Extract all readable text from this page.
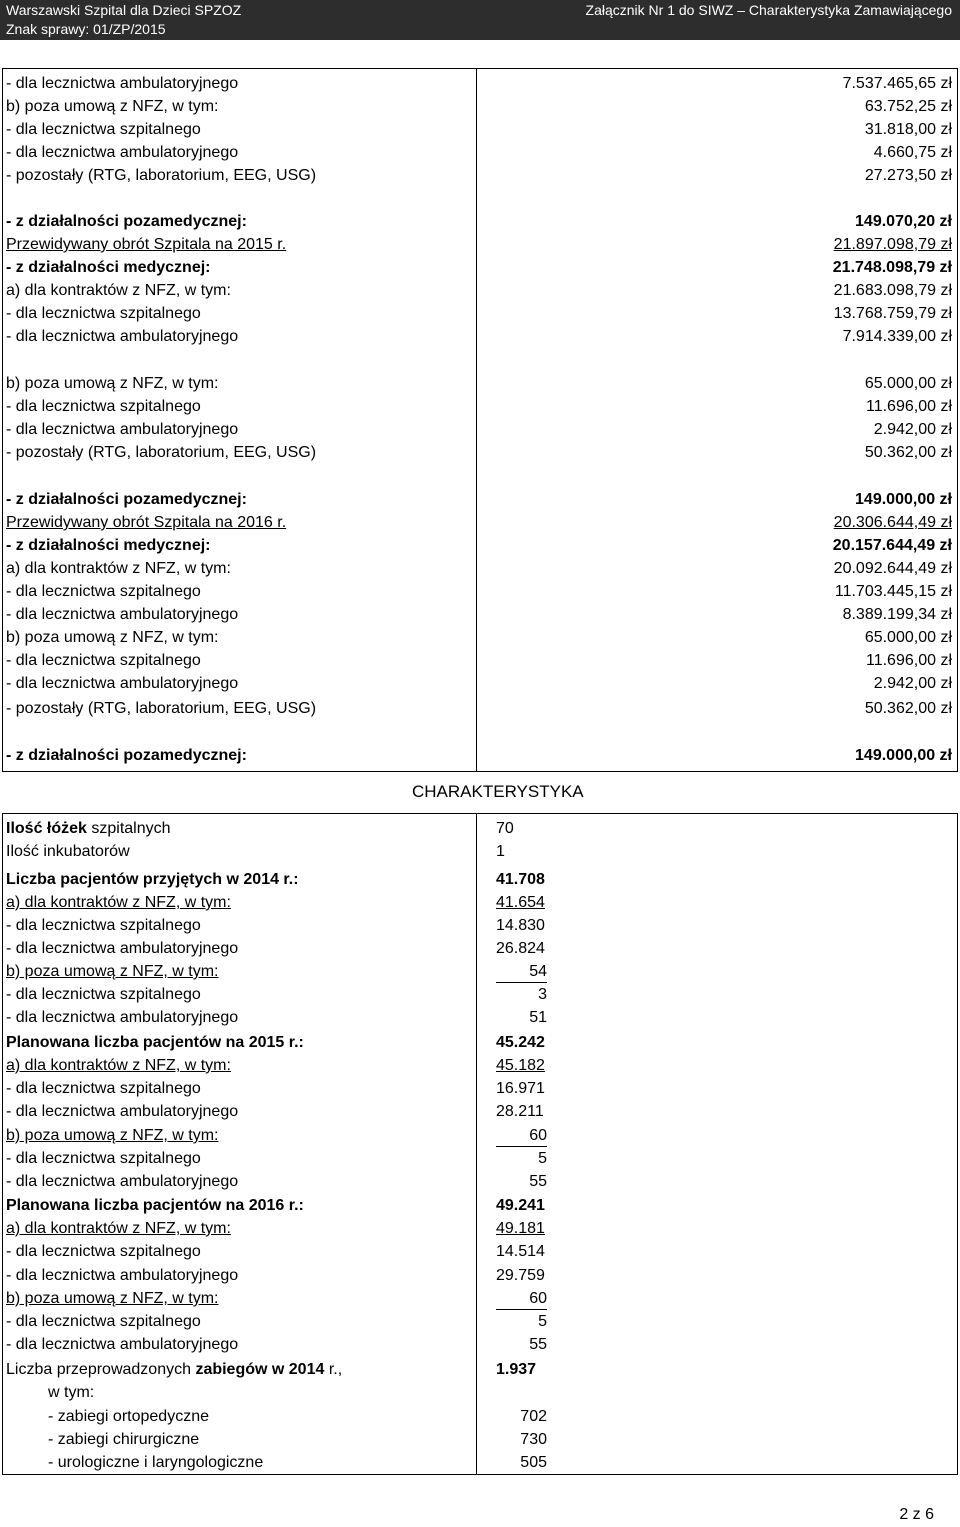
Warszawski Szpital dla Dzieci SPZOZ
Znak sprawy: 01/ZP/2015
Załącznik Nr 1 do SIWZ – Charakterystyka Zamawiającego
- dla lecznictwa ambulatoryjnego	7.537.465,65 zł
b) poza umową z NFZ, w tym:	63.752,25 zł
- dla lecznictwa szpitalnego	31.818,00 zł
- dla lecznictwa ambulatoryjnego	4.660,75 zł
- pozostały (RTG, laboratorium, EEG, USG)	27.273,50 zł
- z działalności pozamedycznej:	149.070,20 zł
Przewidywany obrót Szpitala na 2015 r.	21.897.098,79 zł
- z działalności medycznej:	21.748.098,79 zł
a) dla kontraktów z NFZ, w tym:	21.683.098,79 zł
- dla lecznictwa szpitalnego	13.768.759,79 zł
- dla lecznictwa ambulatoryjnego	7.914.339,00 zł
b) poza umową z NFZ, w tym:	65.000,00 zł
- dla lecznictwa szpitalnego	11.696,00 zł
- dla lecznictwa ambulatoryjnego	2.942,00 zł
- pozostały (RTG, laboratorium, EEG, USG)	50.362,00 zł
- z działalności pozamedycznej:	149.000,00 zł
Przewidywany obrót Szpitala na 2016 r.	20.306.644,49 zł
- z działalności medycznej:	20.157.644,49 zł
a) dla kontraktów z NFZ, w tym:	20.092.644,49 zł
- dla lecznictwa szpitalnego	11.703.445,15 zł
- dla lecznictwa ambulatoryjnego	8.389.199,34 zł
b) poza umową z NFZ, w tym:	65.000,00 zł
- dla lecznictwa szpitalnego	11.696,00 zł
- dla lecznictwa ambulatoryjnego	2.942,00 zł
- pozostały (RTG, laboratorium, EEG, USG)	50.362,00 zł
- z działalności pozamedycznej:	149.000,00 zł
CHARAKTERYSTYKA
Ilość łóżek szpitalnych	70
Ilość inkubatorów	1
Liczba pacjentów przyjętych w 2014 r.:	41.708
a) dla kontraktów z NFZ, w tym:	41.654
- dla lecznictwa szpitalnego	14.830
- dla lecznictwa ambulatoryjnego	26.824
b) poza umową z NFZ, w tym:	54
- dla lecznictwa szpitalnego	3
- dla lecznictwa ambulatoryjnego	51
Planowana liczba pacjentów na 2015 r.:	45.242
a) dla kontraktów z NFZ, w tym:	45.182
- dla lecznictwa szpitalnego	16.971
- dla lecznictwa ambulatoryjnego	28.211
b) poza umową z NFZ, w tym:	60
- dla lecznictwa szpitalnego	5
- dla lecznictwa ambulatoryjnego	55
Planowana liczba pacjentów na 2016 r.:	49.241
a) dla kontraktów z NFZ, w tym:	49.181
- dla lecznictwa szpitalnego	14.514
- dla lecznictwa ambulatoryjnego	29.759
b) poza umową z NFZ, w tym:	60
- dla lecznictwa szpitalnego	5
- dla lecznictwa ambulatoryjnego	55
Liczba przeprowadzonych zabiegów w 2014 r.,	1.937
w tym:
- zabiegi ortopedyczne	702
- zabiegi chirurgiczne	730
- urologiczne i laryngologiczne	505
2 z 6
